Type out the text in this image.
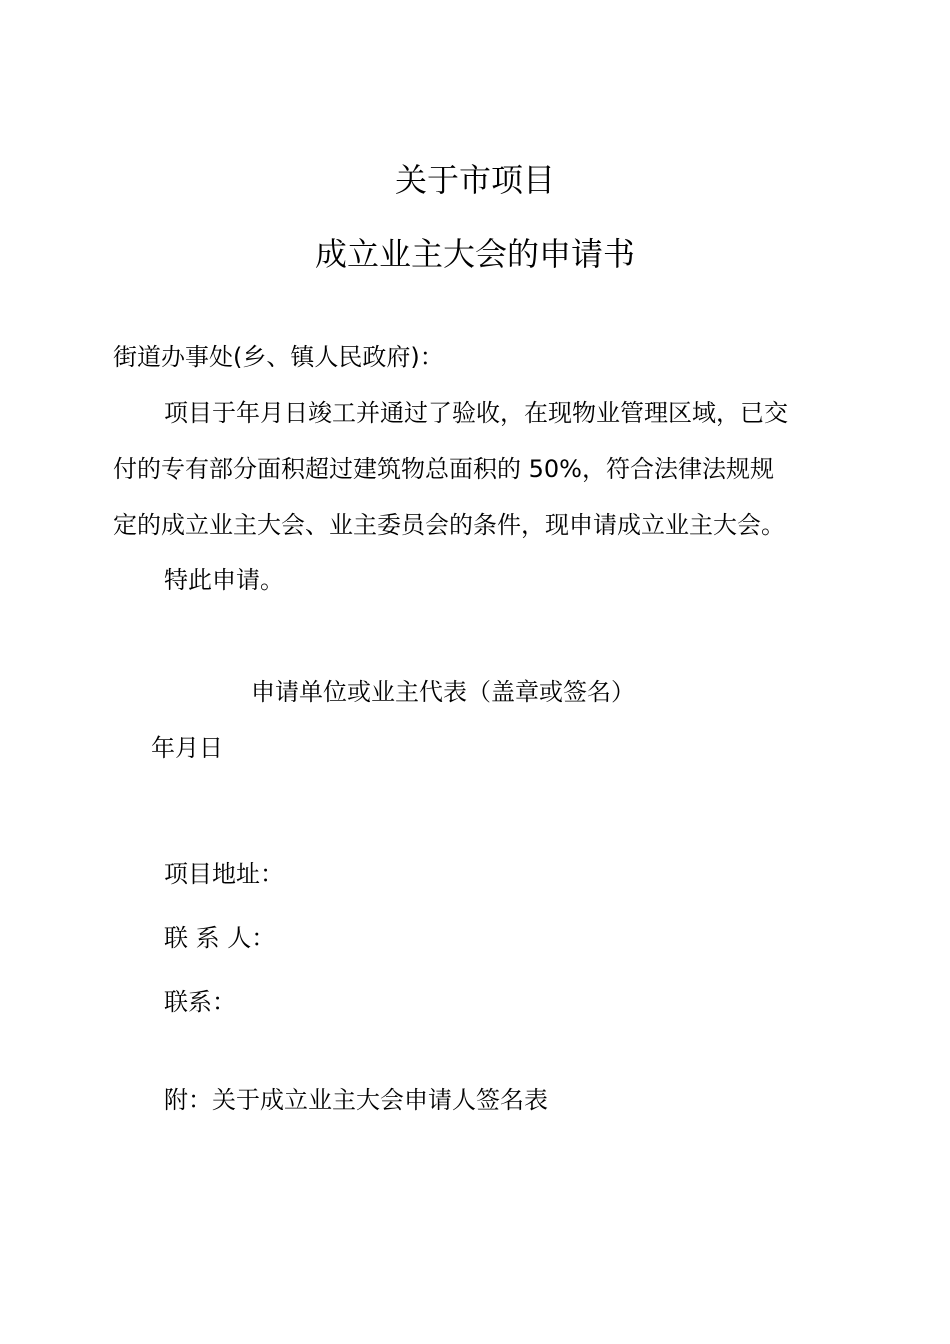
关于市项目
成立业主大会的申请书
街道办事处(乡、镇人民政府)：
项目于年月日竣工并通过了验收，在现物业管理区域，已交
付的专有部分面积超过建筑物总面积的 50%，符合法律法规规
定的成立业主大会、业主委员会的条件，现申请成立业主大会。
特此申请。
申请单位或业主代表（盖章或签名）
年月日
项目地址：
联 系 人：
联系：
附：关于成立业主大会申请人签名表
